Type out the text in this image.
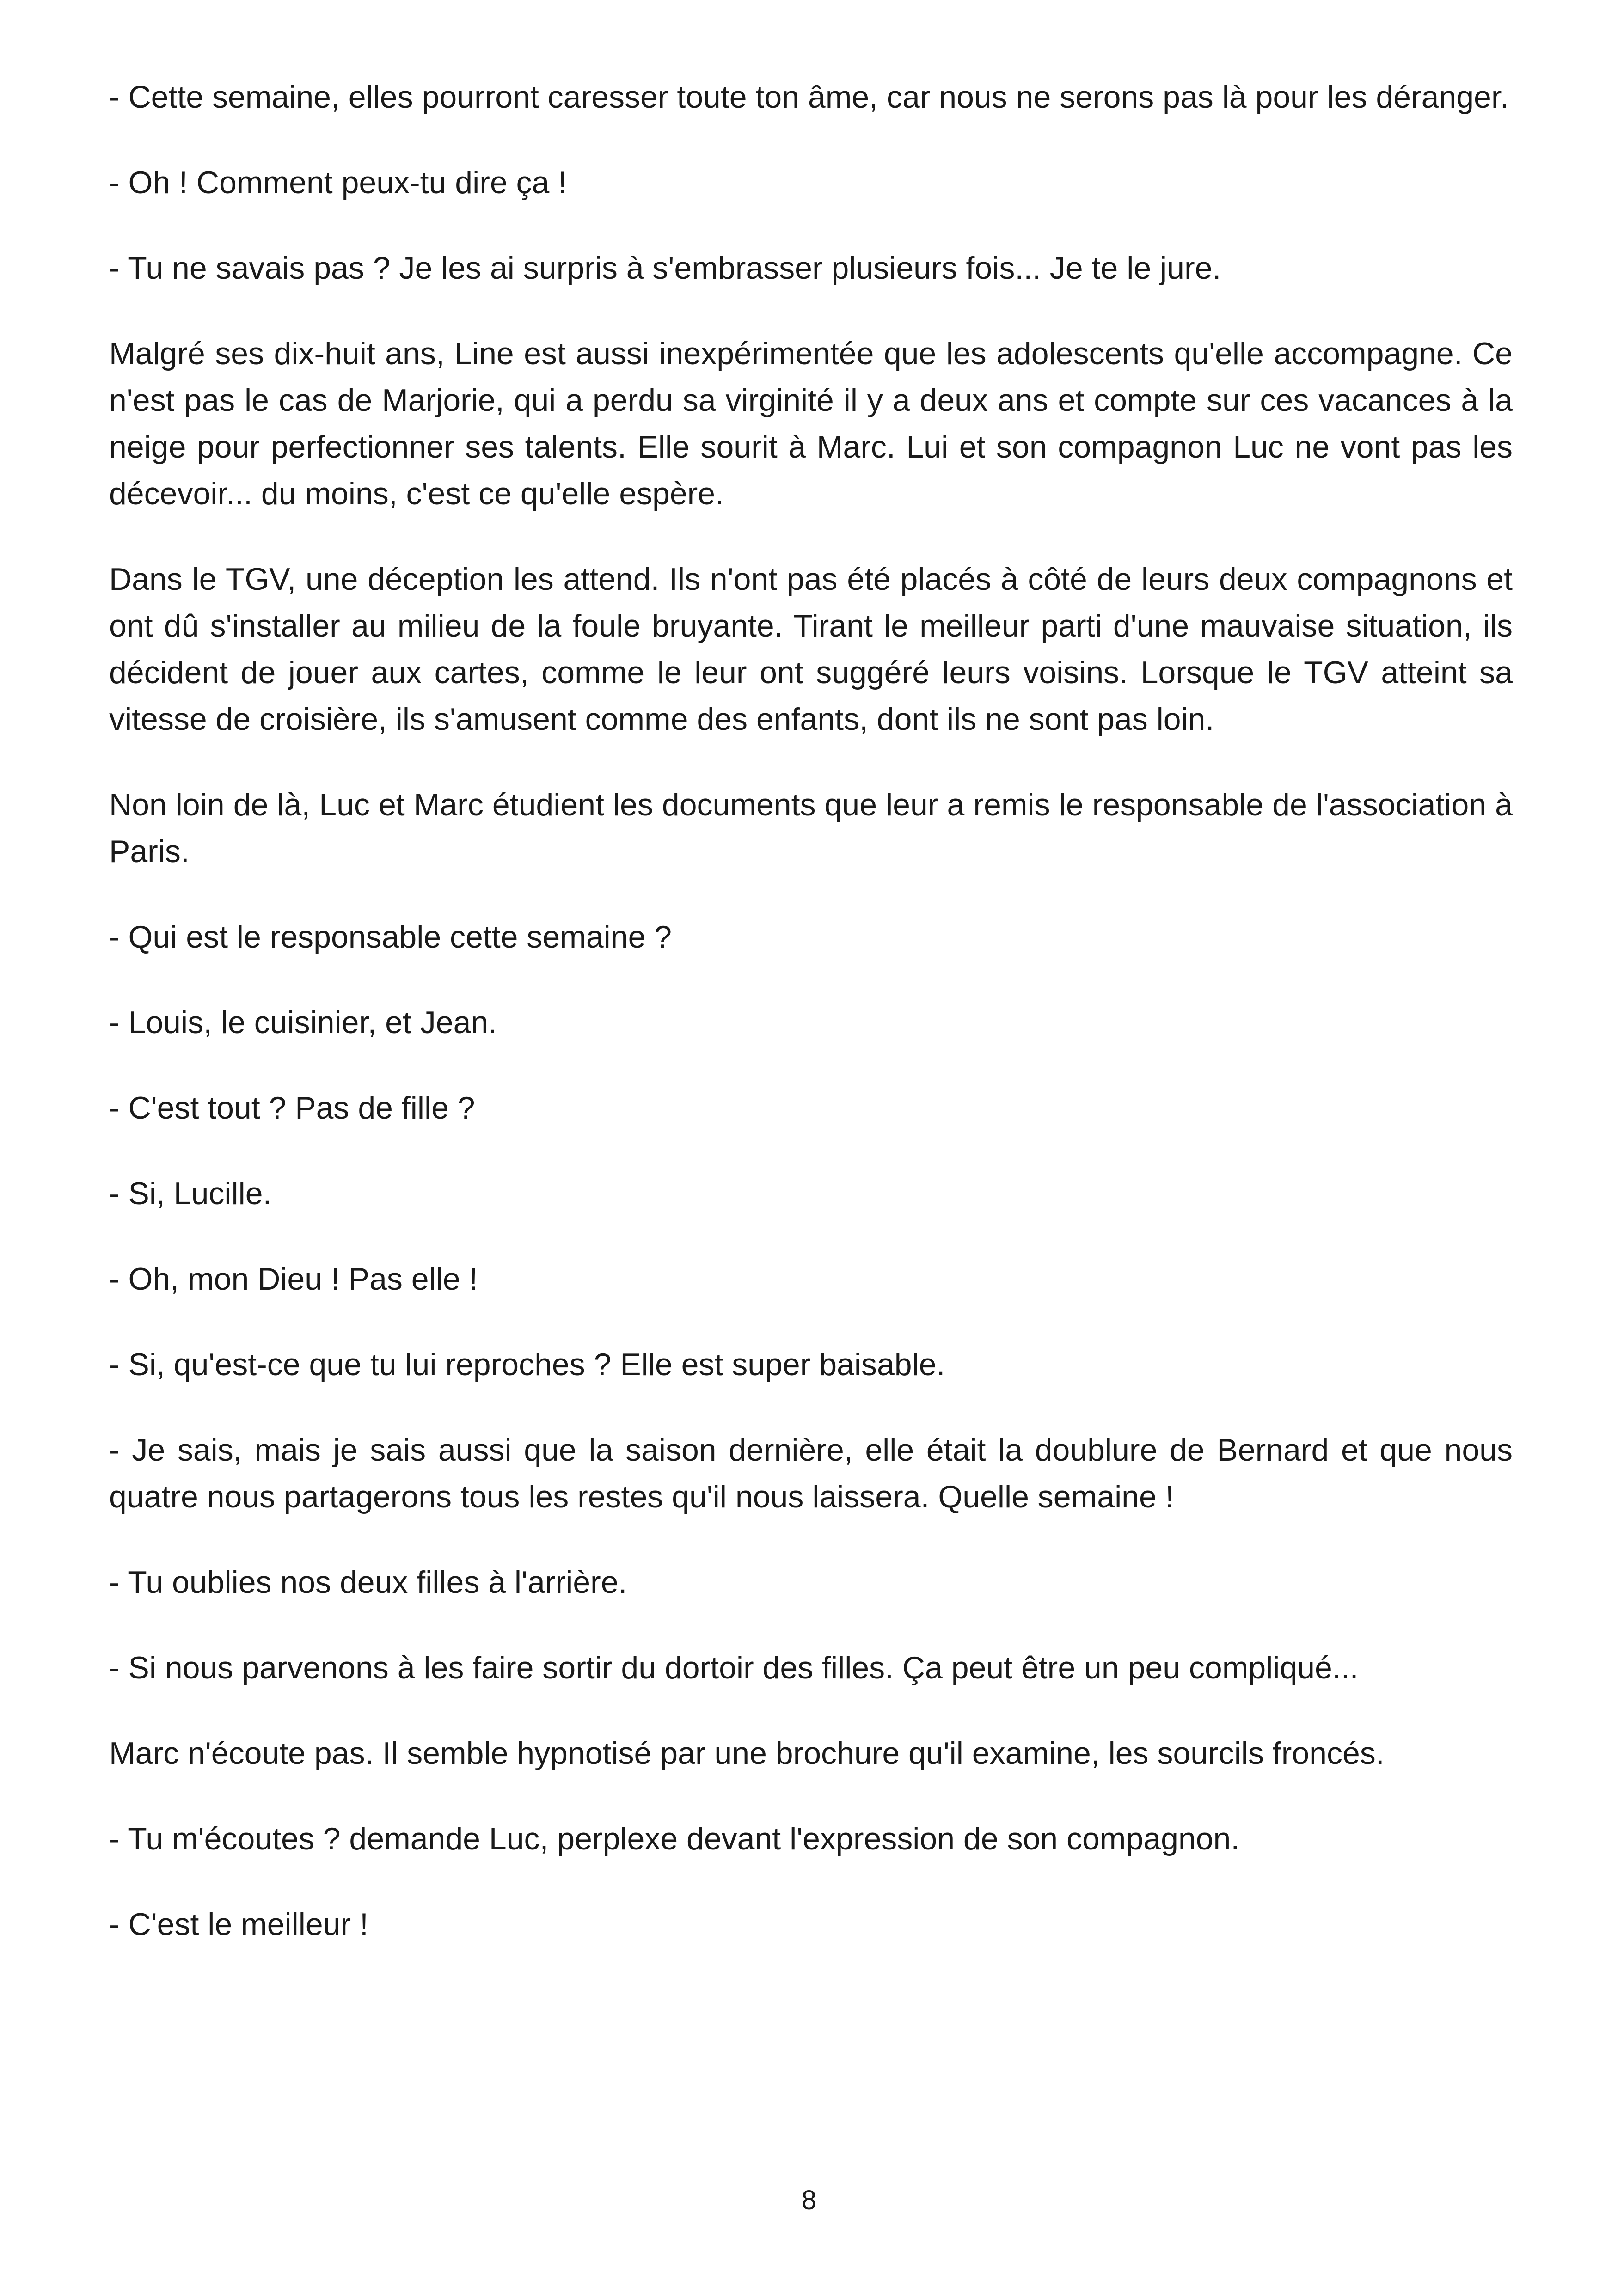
- Cette semaine, elles pourront caresser toute ton âme, car nous ne serons pas là pour les déranger.

- Oh ! Comment peux-tu dire ça !

- Tu ne savais pas ? Je les ai surpris à s'embrasser plusieurs fois... Je te le jure.

Malgré ses dix-huit ans, Line est aussi inexpérimentée que les adolescents qu'elle accompagne. Ce n'est pas le cas de Marjorie, qui a perdu sa virginité il y a deux ans et compte sur ces vacances à la neige pour perfectionner ses talents. Elle sourit à Marc. Lui et son compagnon Luc ne vont pas les décevoir... du moins, c'est ce qu'elle espère.

Dans le TGV, une déception les attend. Ils n'ont pas été placés à côté de leurs deux compagnons et ont dû s'installer au milieu de la foule bruyante. Tirant le meilleur parti d'une mauvaise situation, ils décident de jouer aux cartes, comme le leur ont suggéré leurs voisins. Lorsque le TGV atteint sa vitesse de croisière, ils s'amusent comme des enfants, dont ils ne sont pas loin.

Non loin de là, Luc et Marc étudient les documents que leur a remis le responsable de l'association à Paris.

- Qui est le responsable cette semaine ?

- Louis, le cuisinier, et Jean.

- C'est tout ? Pas de fille ?

- Si, Lucille.

- Oh, mon Dieu ! Pas elle !

- Si, qu'est-ce que tu lui reproches ? Elle est super baisable.

- Je sais, mais je sais aussi que la saison dernière, elle était la doublure de Bernard et que nous quatre nous partagerons tous les restes qu'il nous laissera. Quelle semaine !

- Tu oublies nos deux filles à l'arrière.

- Si nous parvenons à les faire sortir du dortoir des filles. Ça peut être un peu compliqué...

Marc n'écoute pas. Il semble hypnotisé par une brochure qu'il examine, les sourcils froncés.

- Tu m'écoutes ? demande Luc, perplexe devant l'expression de son compagnon.

- C'est le meilleur !

8
